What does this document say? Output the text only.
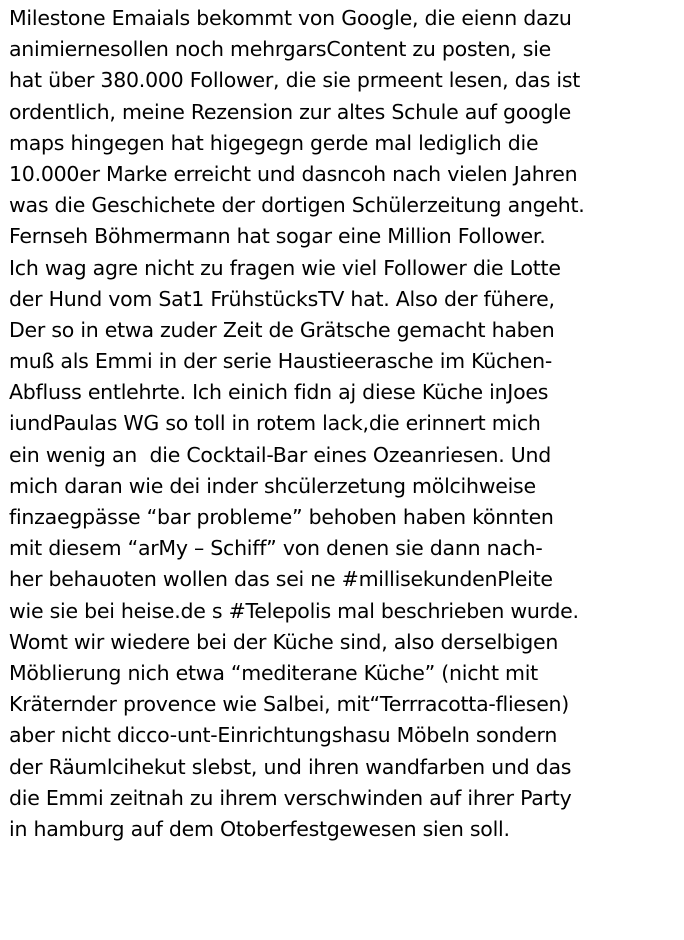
Milestone Emaials bekommt von Google, die eienn dazu
animiernesollen noch mehrgarsContent zu posten, sie
hat über 380.000 Follower, die sie prmeent lesen, das ist
ordentlich, meine Rezension zur altes Schule auf google
maps hingegen hat higegegn gerde mal lediglich die
10.000er Marke erreicht und dasncoh nach vielen Jahren
was die Geschichete der dortigen Schülerzeitung angeht.
Fernseh Böhmermann hat sogar eine Million Follower.
Ich wag agre nicht zu fragen wie viel Follower die Lotte
der Hund vom Sat1 FrühstücksTV hat. Also der fühere,
Der so in etwa zuder Zeit de Grätsche gemacht haben
muß als Emmi in der serie Haustieerasche im Küchen-
Abfluss entlehrte. Ich einich fidn aj diese Küche inJoes
iundPaulas WG so toll in rotem lack,die erinnert mich
ein wenig an  die Cocktail-Bar eines Ozeanriesen. Und
mich daran wie dei inder shcülerzetung mölcihweise
finzaegpässe “bar probleme” behoben haben könnten
mit diesem “arMy – Schiff” von denen sie dann nach-
her behauoten wollen das sei ne #millisekundenPleite
wie sie bei heise.de s #Telepolis mal beschrieben wurde.
Womt wir wiedere bei der Küche sind, also derselbigen
Möblierung nich etwa “mediterane Küche” (nicht mit
Kräternder provence wie Salbei, mit“Terrracotta-fliesen)
aber nicht dicco-unt-Einrichtungshasu Möbeln sondern
der Räumlcihekut slebst, und ihren wandfarben und das
die Emmi zeitnah zu ihrem verschwinden auf ihrer Party
in hamburg auf dem Otoberfestgewesen sien soll.
